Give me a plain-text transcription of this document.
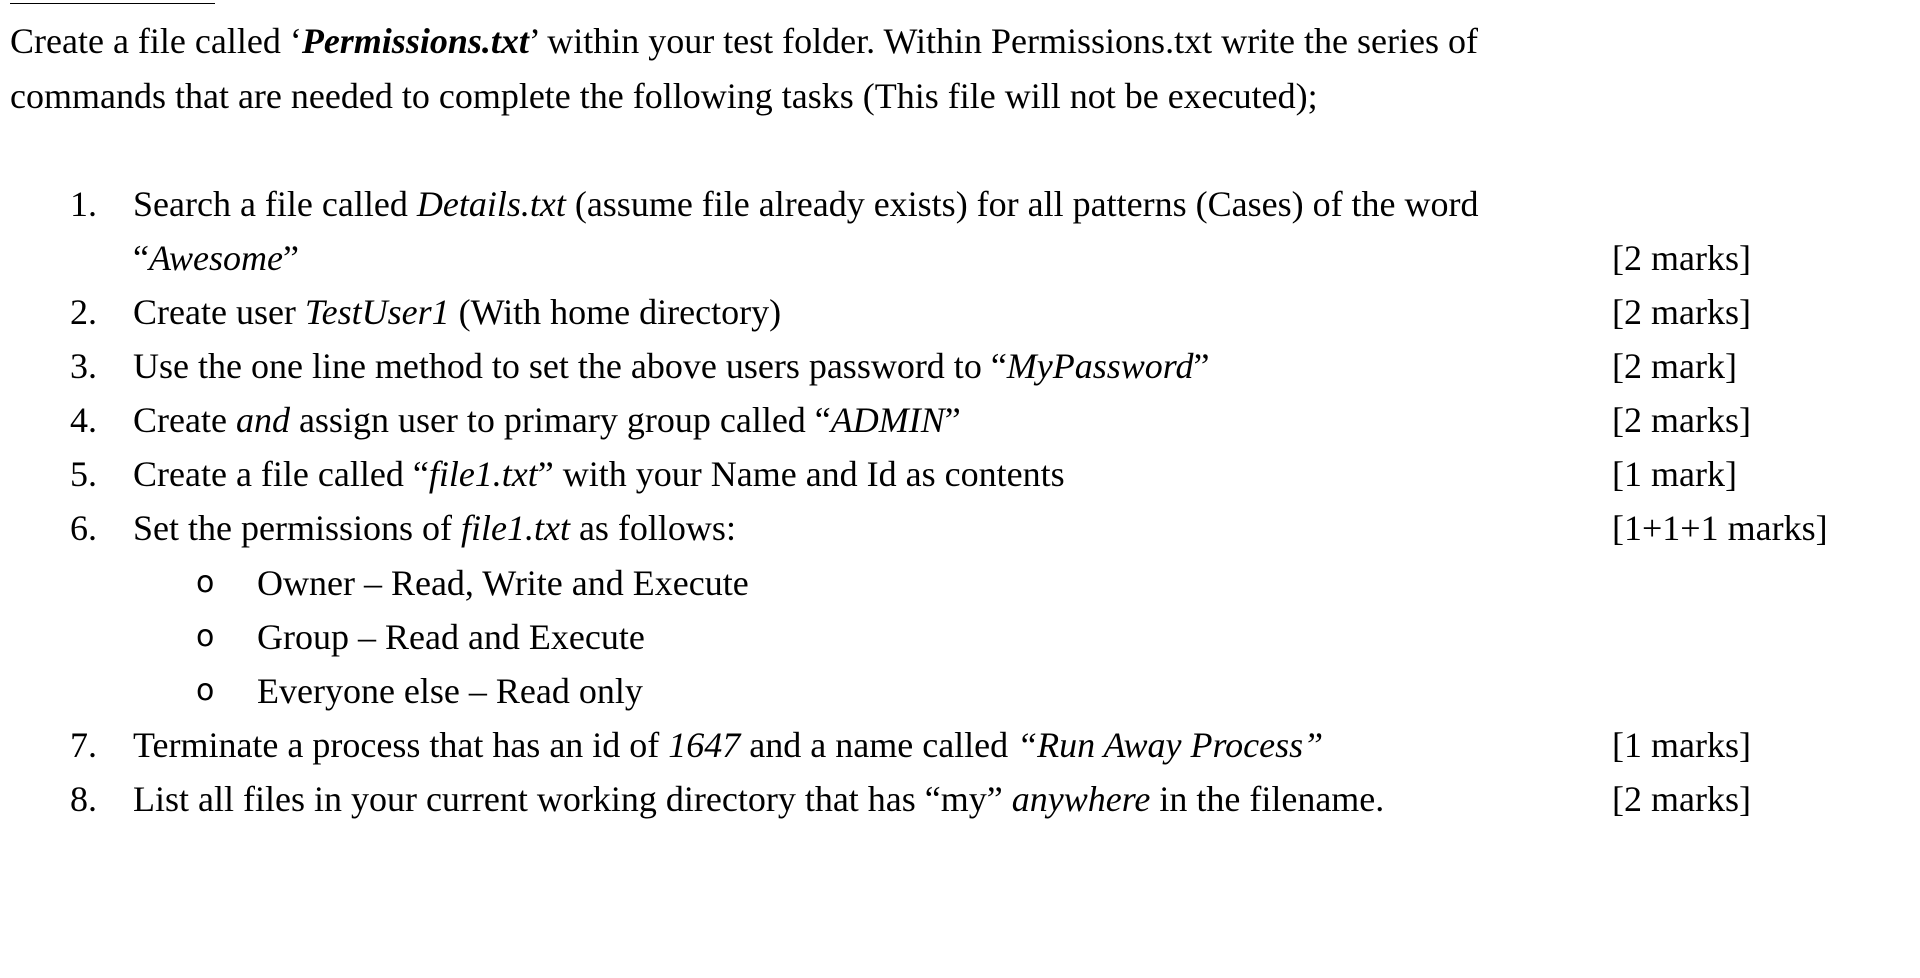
Create a file called ‘Permissions.txt’ within your test folder. Within Permissions.txt write the series of
commands that are needed to complete the following tasks (This file will not be executed);
1. Search a file called Details.txt (assume file already exists) for all patterns (Cases) of the word
“Awesome”	[2 marks]
2. Create user TestUser1 (With home directory)	[2 marks]
3. Use the one line method to set the above users password to “MyPassword”	[2 mark]
4. Create and assign user to primary group called “ADMIN”	[2 marks]
5. Create a file called “file1.txt” with your Name and Id as contents	[1 mark]
6. Set the permissions of file1.txt as follows:	[1+1+1 marks]
o Owner – Read, Write and Execute
o Group – Read and Execute
o Everyone else – Read only
7. Terminate a process that has an id of 1647 and a name called “Run Away Process”	[1 marks]
8. List all files in your current working directory that has “my” anywhere in the filename.	[2 marks]
